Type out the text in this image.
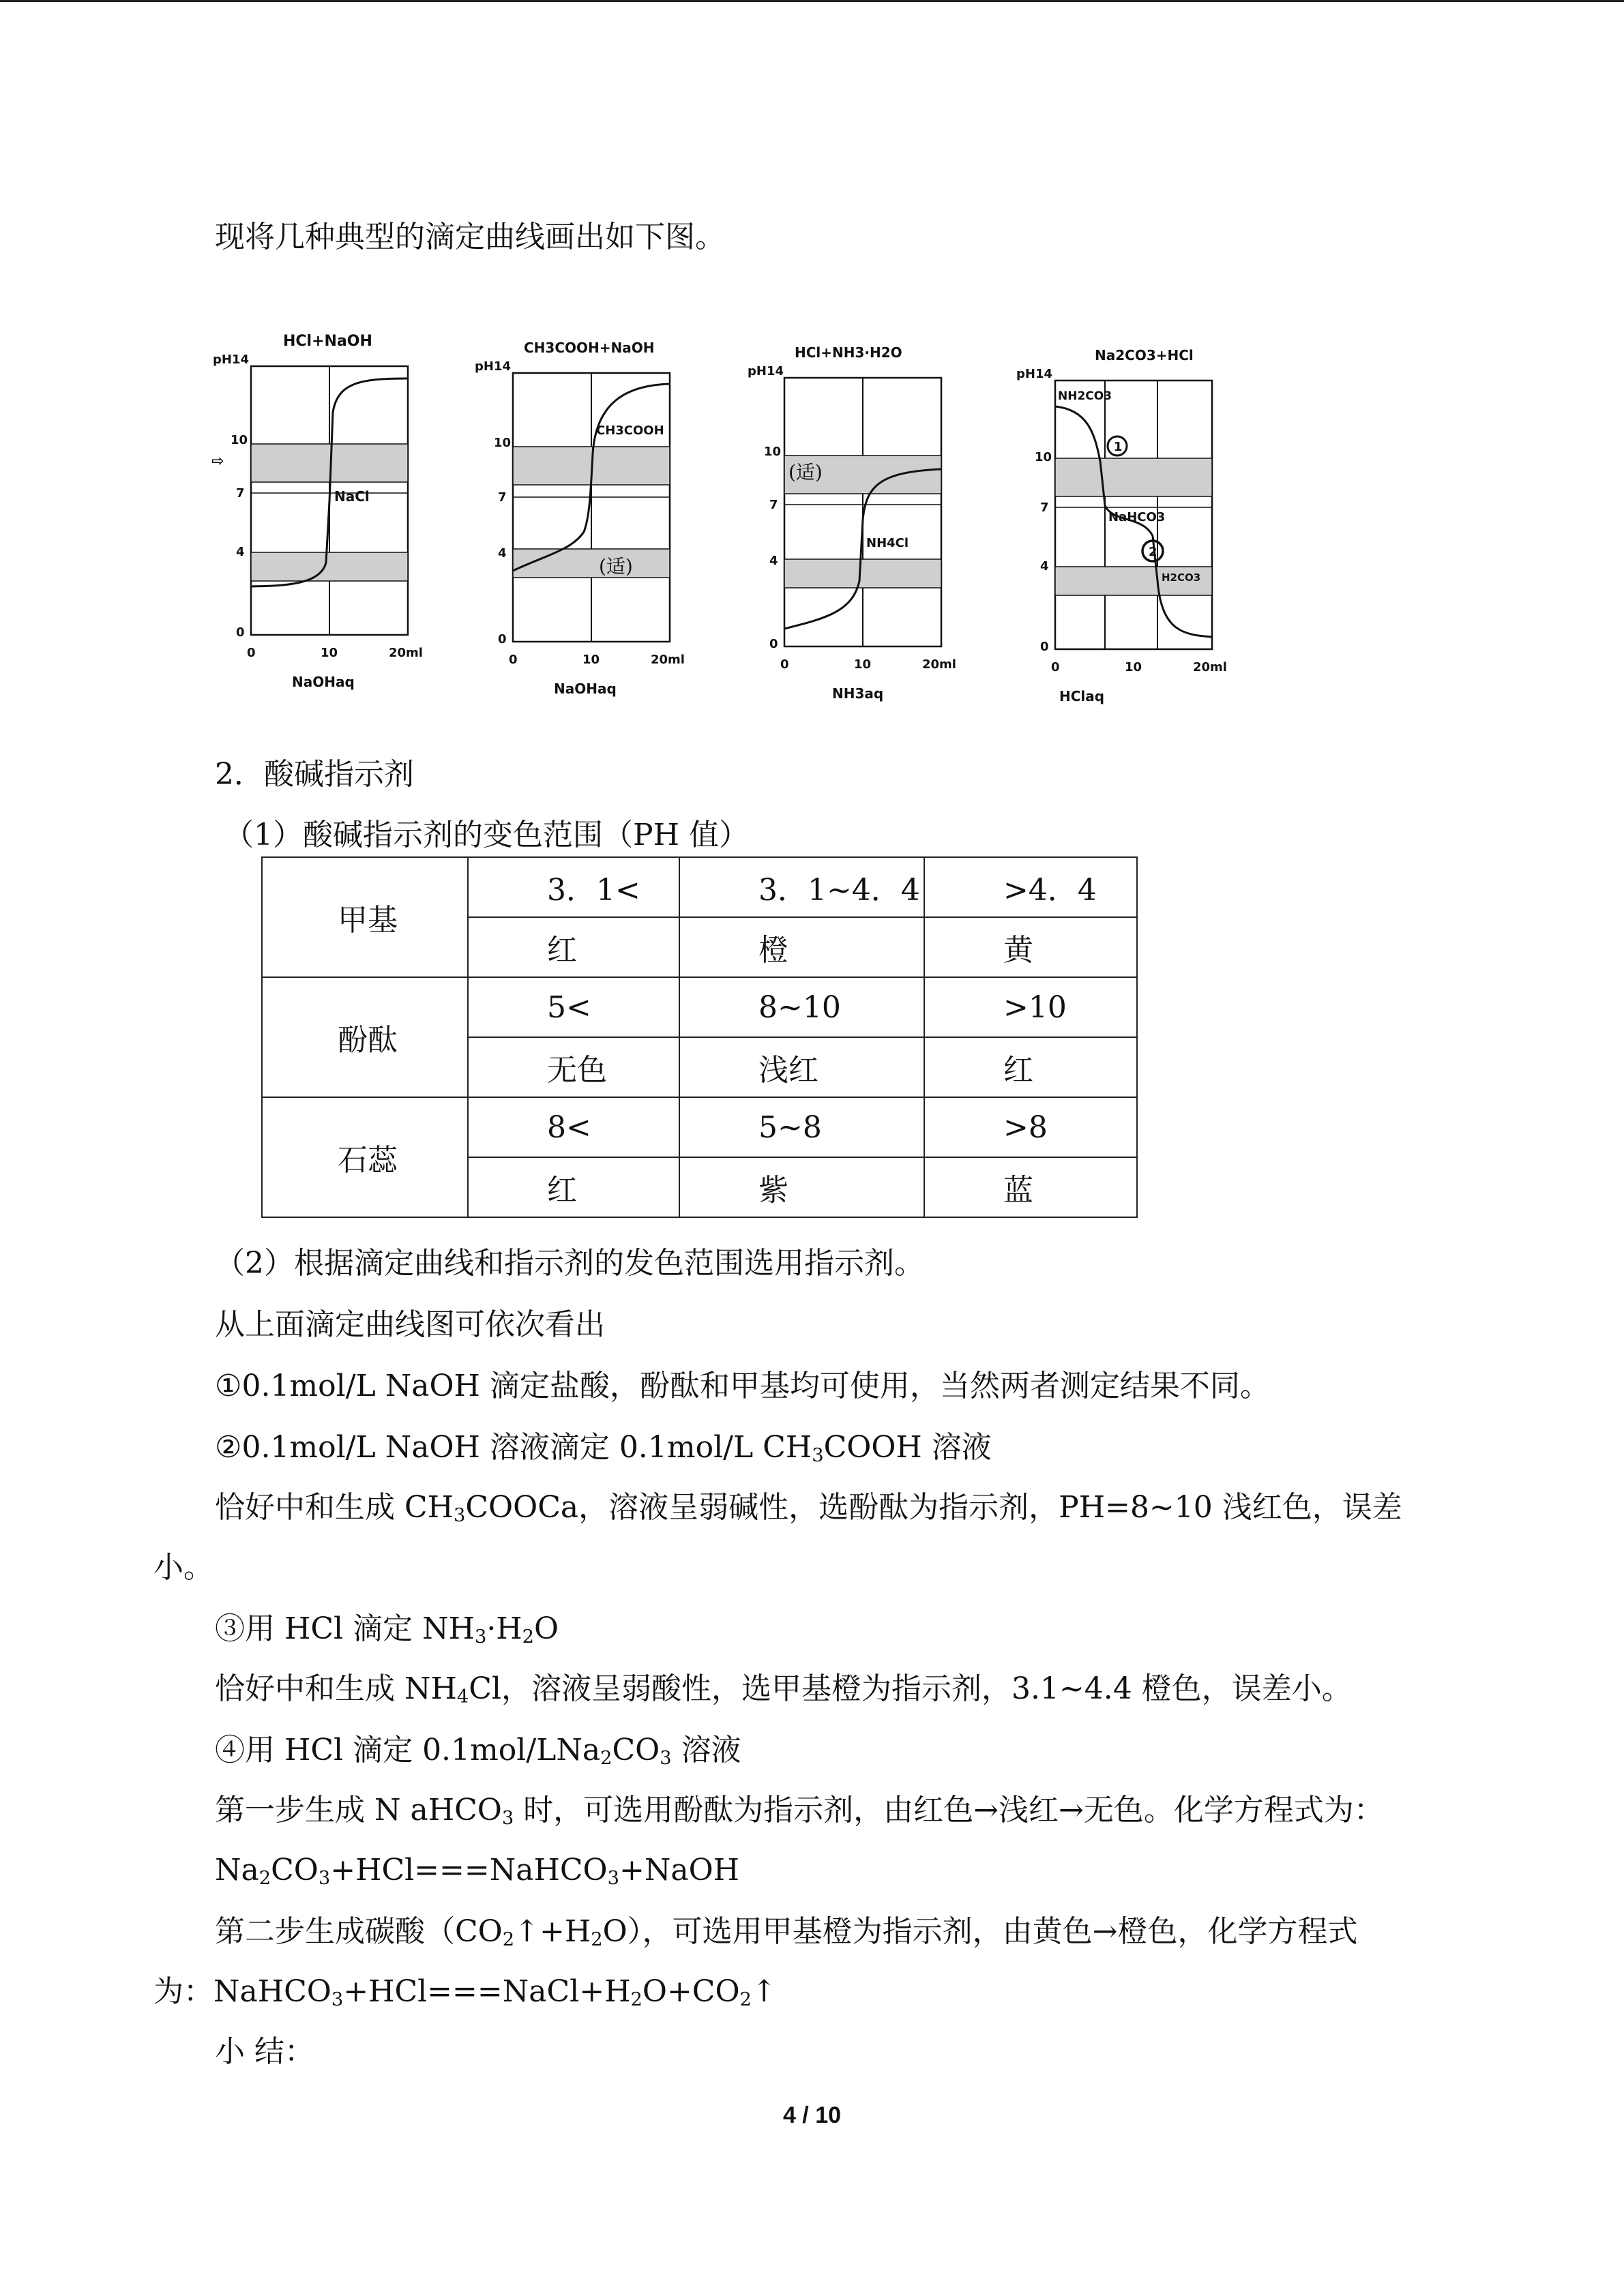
现将几种典型的滴定曲线画出如下图。

HCl+NaOH
pH14
10
7
4
0
⇨
NaCl
0	10	20ml
NaOHaq
CH3COOH+NaOH
pH14
10
7
4
0
CH3COOH
(适)
0	10	20ml
NaOHaq
HCl+NH3·H2O
pH14
10
7
4
0
(适)
NH4Cl
0	10	20ml
NH3aq
Na2CO3+HCl
pH14
10
7
4
0
NH2CO3
NaHCO3
H2CO3
1
2
0	10	20ml
HClaq

2．酸碱指示剂

（1）酸碱指示剂的变色范围（PH 值）

甲基	3．1<	3．1~4．4	>4．4
	红	橙	黄
酚酞	5<	8~10	>10
	无色	浅红	红
石蕊	8<	5~8	>8
	红	紫	蓝
（2）根据滴定曲线和指示剂的发色范围选用指示剂。
从上面滴定曲线图可依次看出
①0.1mol/L NaOH 滴定盐酸，酚酞和甲基均可使用，当然两者测定结果不同。
②0.1mol/L NaOH 溶液滴定 0.1mol/L $CH_3COOH$ 溶液
恰好中和生成 $CH_3COOCa$，溶液呈弱碱性，选酚酞为指示剂，PH=8~10 浅红色，误差
小。
③用 HCl 滴定 $NH_3\cdot H_2O$
恰好中和生成 $NH_4Cl$，溶液呈弱酸性，选甲基橙为指示剂，3.1~4.4 橙色，误差小。
④用 HCl 滴定 $0.1mol/LNa_2CO_3$ 溶液
第一步生成 N aHCO$_3$ 时，可选用酚酞为指示剂，由红色→浅红→无色。化学方程式为：
$Na_2CO_3+HCl===NaHCO_3+NaOH$
第二步生成碳酸$(CO_2↑+H_2O)$，可选用甲基橙为指示剂，由黄色→橙色，化学方程式
为：$NaHCO_3+HCl===NaCl+H_2O+CO_2↑$
小 结：
4 / 10
